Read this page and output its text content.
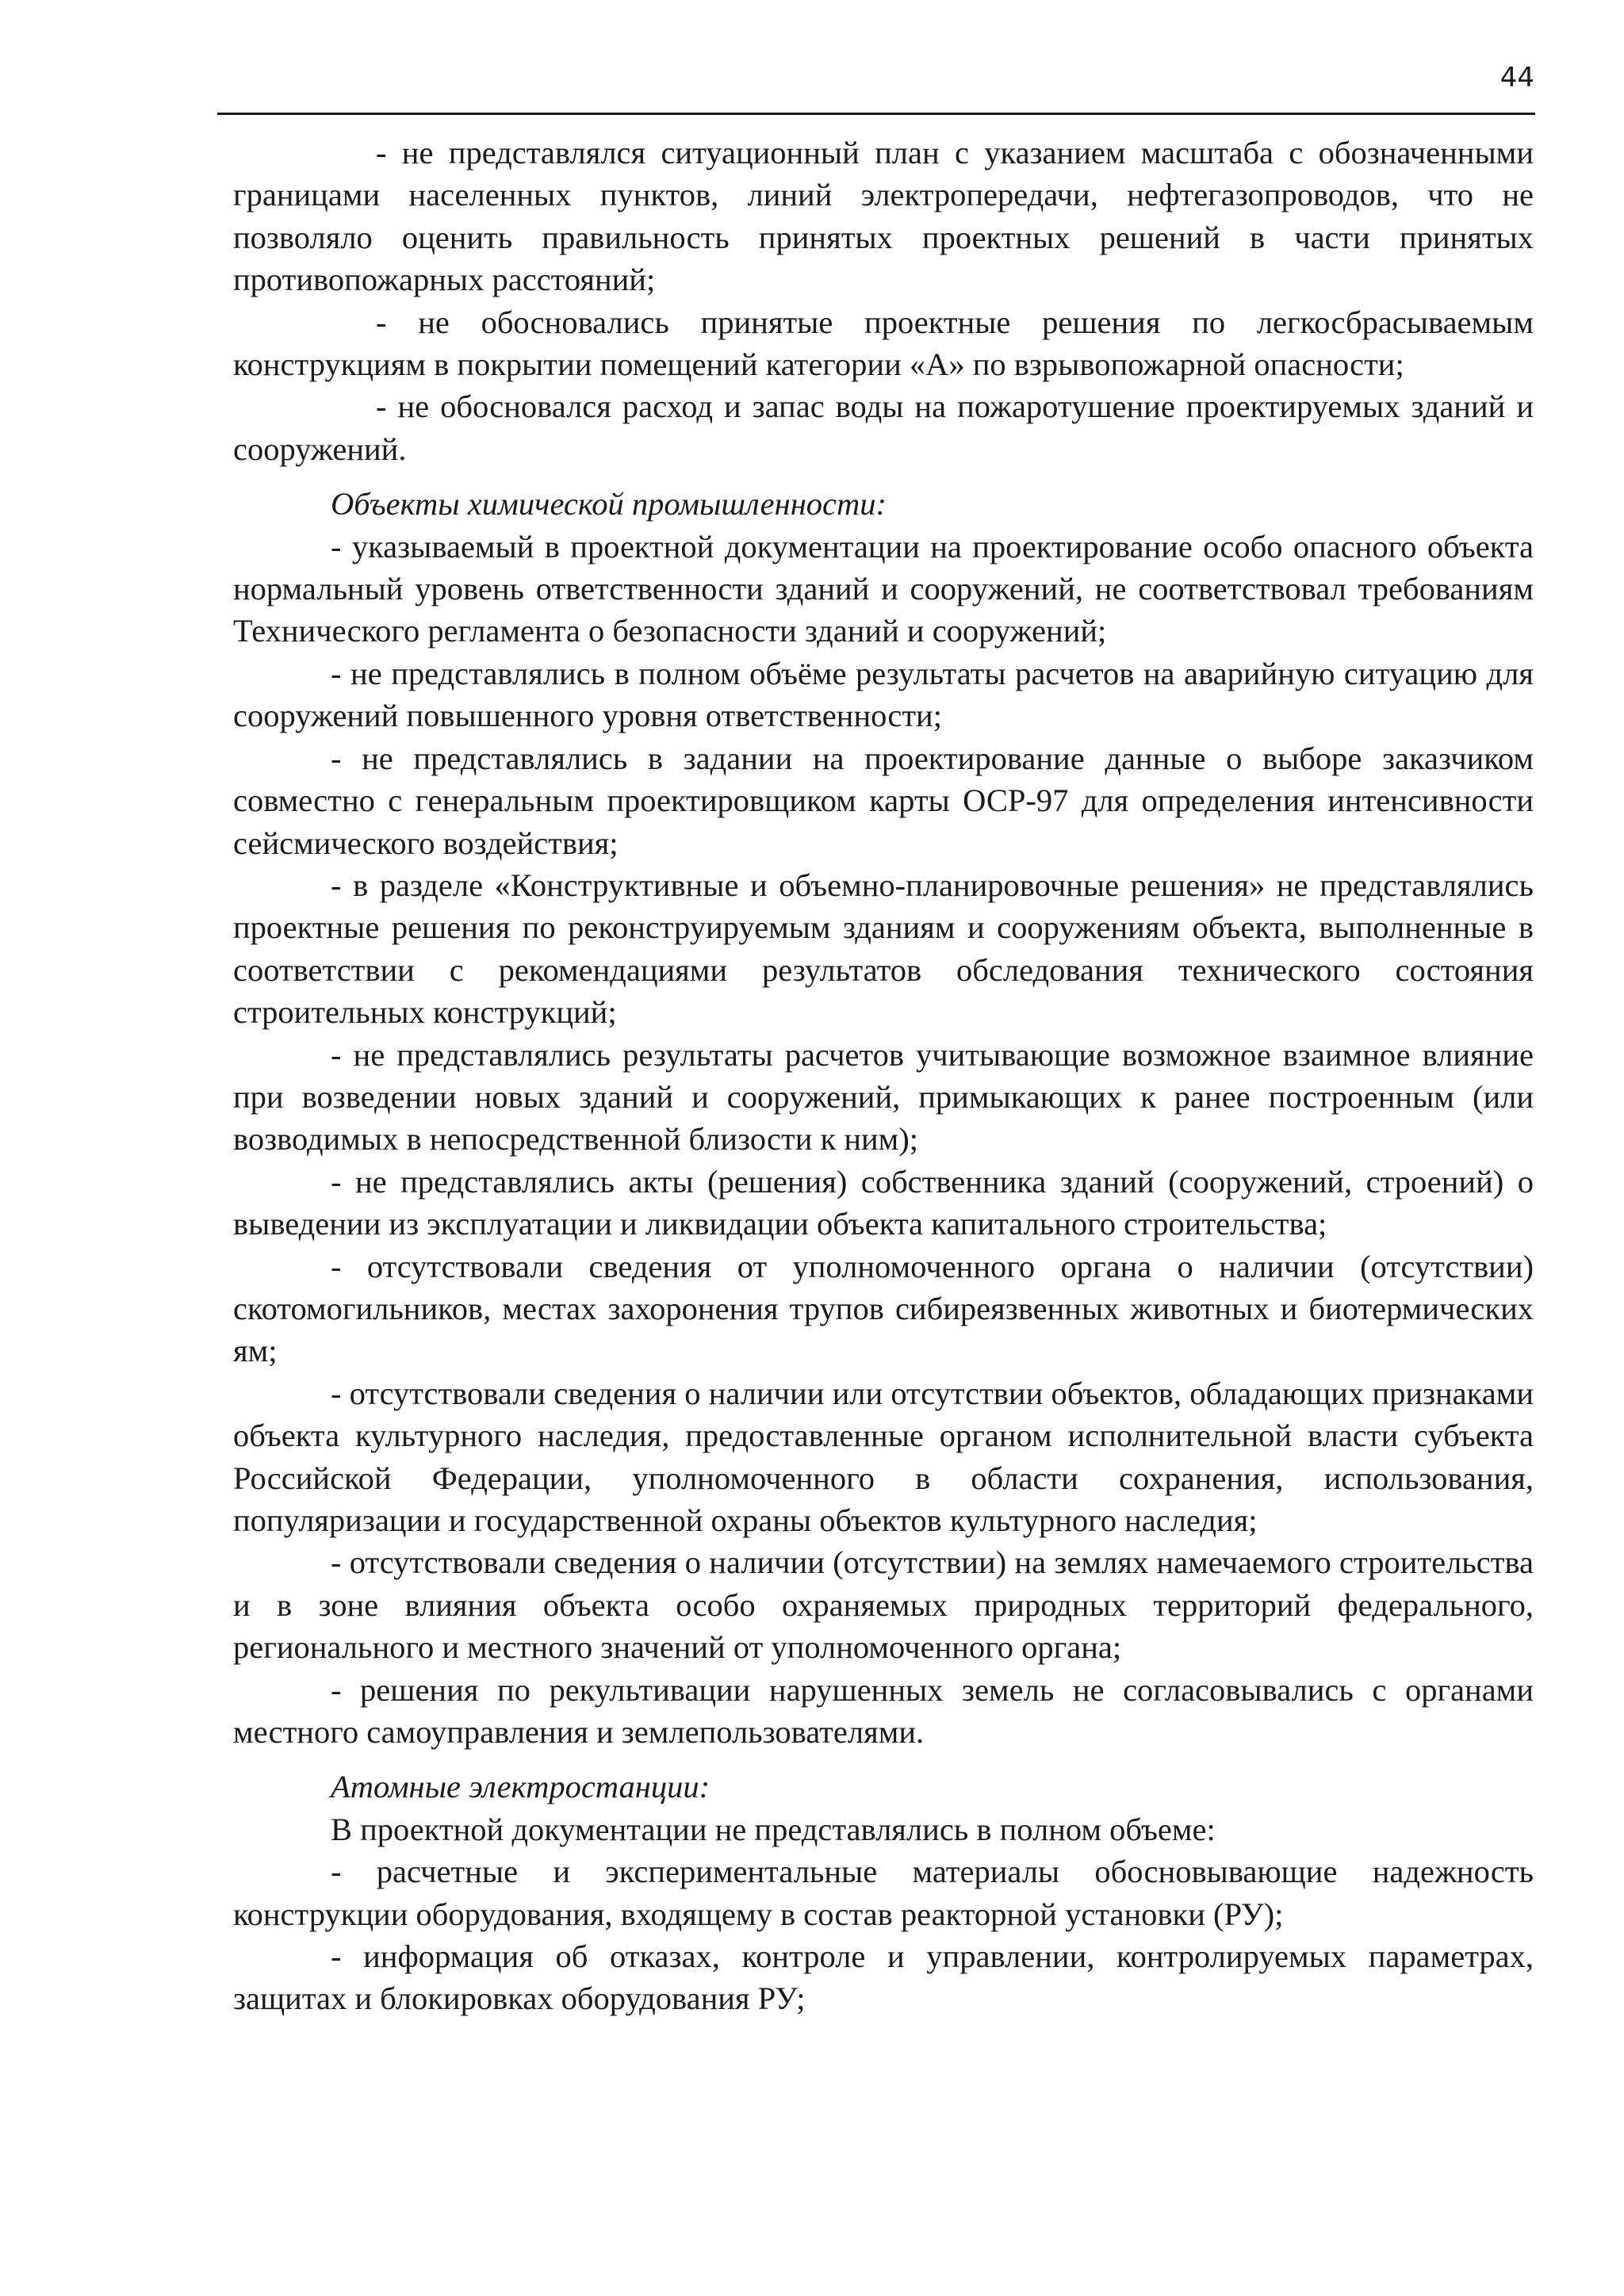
44

- не представлялся ситуационный план с указанием масштаба с обозначенными границами населенных пунктов, линий электропередачи, нефтегазопроводов, что не позволяло оценить правильность принятых проектных решений в части принятых противопожарных расстояний;

- не обосновались принятые проектные решения по легкосбрасываемым конструкциям в покрытии помещений категории «А» по взрывопожарной опасности;

- не обосновался расход и запас воды на пожаротушение проектируемых зданий и сооружений.

Объекты химической промышленности:

- указываемый в проектной документации на проектирование особо опасного объекта нормальный уровень ответственности зданий и сооружений, не соответствовал требованиям Технического регламента о безопасности зданий и сооружений;

- не представлялись в полном объёме результаты расчетов на аварийную ситуацию для сооружений повышенного уровня ответственности;

- не представлялись в задании на проектирование данные о выборе заказчиком совместно с генеральным проектировщиком карты ОСР-97 для определения интенсивности сейсмического воздействия;

- в разделе «Конструктивные и объемно-планировочные решения» не представлялись проектные решения по реконструируемым зданиям и сооружениям объекта, выполненные в соответствии с рекомендациями результатов обследования технического состояния строительных конструкций;

- не представлялись результаты расчетов учитывающие возможное взаимное влияние при возведении новых зданий и сооружений, примыкающих к ранее построенным (или возводимых в непосредственной близости к ним);

- не представлялись акты (решения) собственника зданий (сооружений, строений) о выведении из эксплуатации и ликвидации объекта капитального строительства;

- отсутствовали сведения от уполномоченного органа о наличии (отсутствии) скотомогильников, местах захоронения трупов сибиреязвенных животных и биотермических ям;

- отсутствовали сведения о наличии или отсутствии объектов, обладающих признаками объекта культурного наследия, предоставленные органом исполнительной власти субъекта Российской Федерации, уполномоченного в области сохранения, использования, популяризации и государственной охраны объектов культурного наследия;

- отсутствовали сведения о наличии (отсутствии) на землях намечаемого строительства и в зоне влияния объекта особо охраняемых природных территорий федерального, регионального и местного значений от уполномоченного органа;

- решения по рекультивации нарушенных земель не согласовывались с органами местного самоуправления и землепользователями.

Атомные электростанции:

В проектной документации не представлялись в полном объеме:

- расчетные и экспериментальные материалы обосновывающие надежность конструкции оборудования, входящему в состав реакторной установки (РУ);

- информация об отказах, контроле и управлении, контролируемых параметрах, защитах и блокировках оборудования РУ;
